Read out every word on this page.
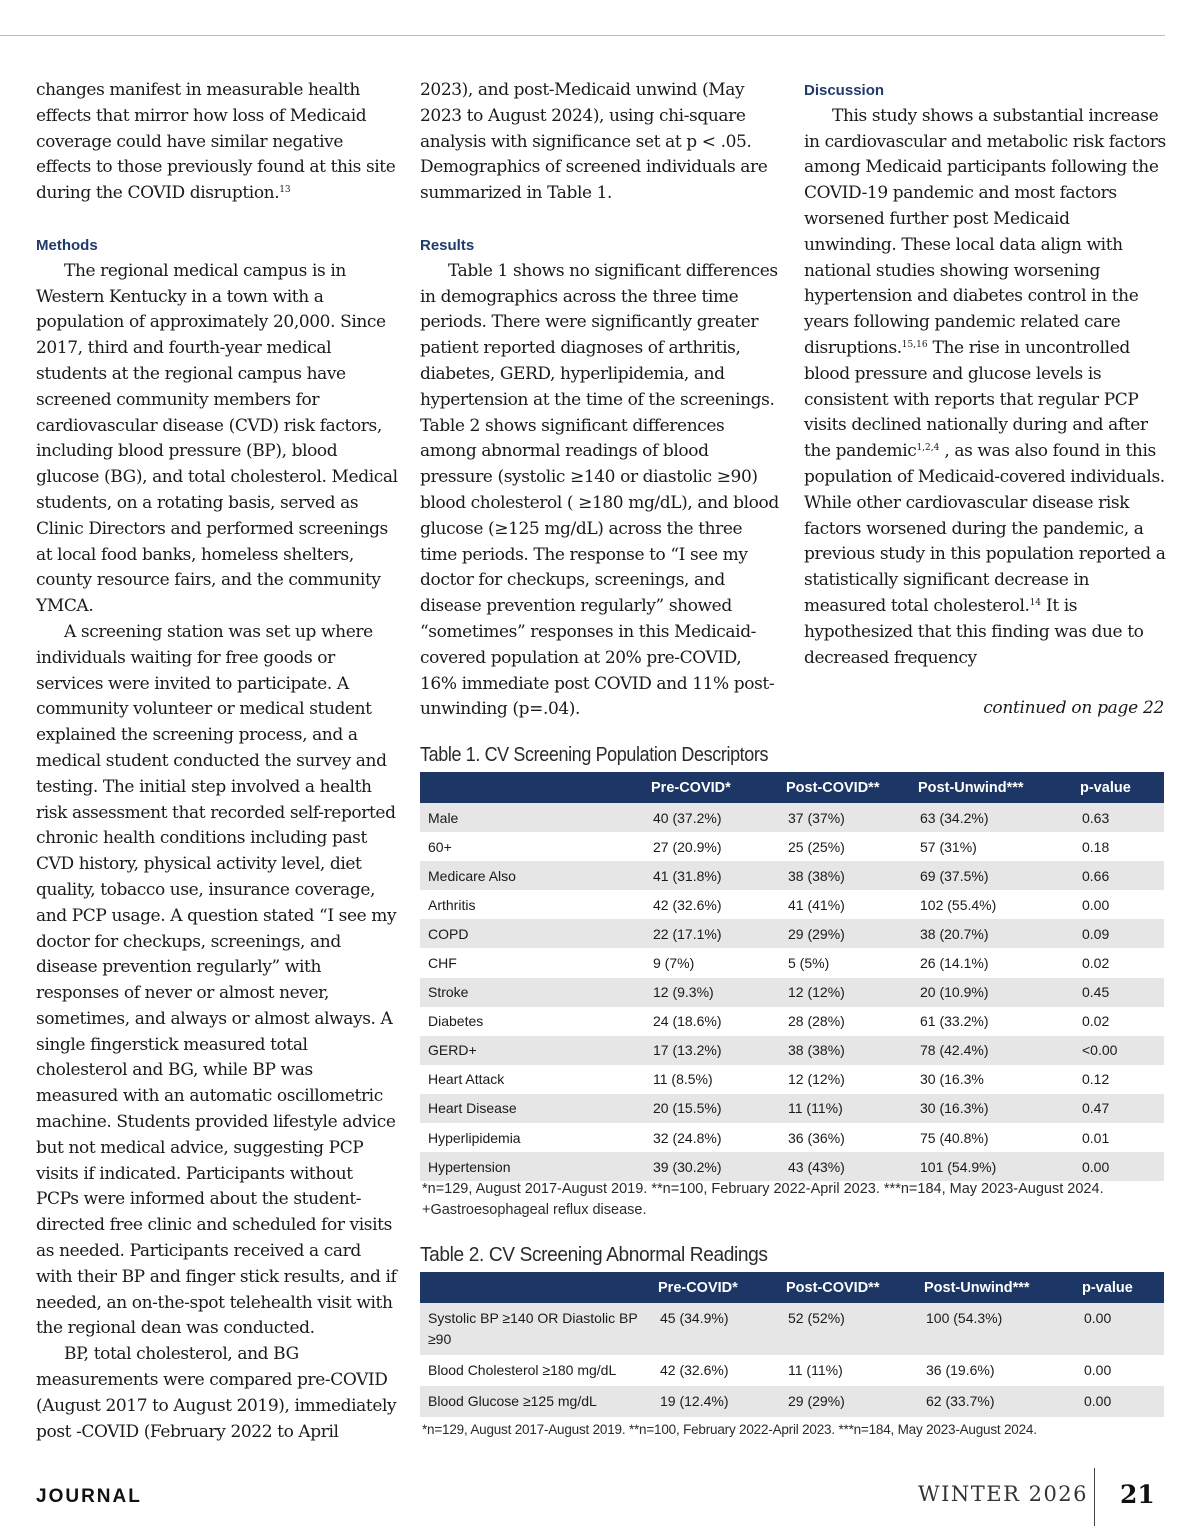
changes manifest in measurable health effects that mirror how loss of Medicaid coverage could have similar negative effects to those previously found at this site during the COVID disruption.$^{13}$

Methods

The regional medical campus is in Western Kentucky in a town with a population of approximately 20,000. Since 2017, third and fourth-year medical students at the regional campus have screened community members for cardiovascular disease (CVD) risk factors, including blood pressure (BP), blood glucose (BG), and total cholesterol. Medical students, on a rotating basis, served as Clinic Directors and performed screenings at local food banks, homeless shelters, county resource fairs, and the community YMCA.

A screening station was set up where individuals waiting for free goods or services were invited to participate. A community volunteer or medical student explained the screening process, and a medical student conducted the survey and testing. The initial step involved a health risk assessment that recorded self-reported chronic health conditions including past CVD history, physical activity level, diet quality, tobacco use, insurance coverage, and PCP usage. A question stated “I see my doctor for checkups, screenings, and disease prevention regularly” with responses of never or almost never, sometimes, and always or almost always. A single fingerstick measured total cholesterol and BG, while BP was measured with an automatic oscillometric machine. Students provided lifestyle advice but not medical advice, suggesting PCP visits if indicated. Participants without PCPs were informed about the student-directed free clinic and scheduled for visits as needed. Participants received a card with their BP and finger stick results, and if needed, an on-the-spot telehealth visit with the regional dean was conducted.

BP, total cholesterol, and BG measurements were compared pre-COVID (August 2017 to August 2019), immediately post -COVID (February 2022 to April

2023), and post-Medicaid unwind (May 2023 to August 2024), using chi-square analysis with significance set at p < .05. Demographics of screened individuals are summarized in Table 1.

Results

Table 1 shows no significant differences in demographics across the three time periods. There were significantly greater patient reported diagnoses of arthritis, diabetes, GERD, hyperlipidemia, and hypertension at the time of the screenings. Table 2 shows significant differences among abnormal readings of blood pressure (systolic ≥140 or diastolic ≥90) blood cholesterol ( ≥180 mg/dL), and blood glucose (≥125 mg/dL) across the three time periods. The response to “I see my doctor for checkups, screenings, and disease prevention regularly” showed “sometimes” responses in this Medicaid-covered population at 20% pre-COVID, 16% immediate post COVID and 11% post-unwinding (p=.04).

Discussion

This study shows a substantial increase in cardiovascular and metabolic risk factors among Medicaid participants following the COVID-19 pandemic and most factors worsened further post Medicaid unwinding. These local data align with national studies showing worsening hypertension and diabetes control in the years following pandemic related care disruptions.$^{15,16}$ The rise in uncontrolled blood pressure and glucose levels is consistent with reports that regular PCP visits declined nationally during and after the pandemic$^{1,2,4}$ , as was also found in this population of Medicaid-covered individuals. While other cardiovascular disease risk factors worsened during the pandemic, a previous study in this population reported a statistically significant decrease in measured total cholesterol.$^{14}$ It is hypothesized that this finding was due to decreased frequency

continued on page 22
Table 1. CV Screening Population Descriptors
	Pre-COVID*	Post-COVID**	Post-Unwind***	p-value
Male	40 (37.2%)	37 (37%)	63 (34.2%)	0.63
60+	27 (20.9%)	25 (25%)	57 (31%)	0.18
Medicare Also	41 (31.8%)	38 (38%)	69 (37.5%)	0.66
Arthritis	42 (32.6%)	41 (41%)	102 (55.4%)	0.00
COPD	22 (17.1%)	29 (29%)	38 (20.7%)	0.09
CHF	9 (7%)	5 (5%)	26 (14.1%)	0.02
Stroke	12 (9.3%)	12 (12%)	20 (10.9%)	0.45
Diabetes	24 (18.6%)	28 (28%)	61 (33.2%)	0.02
GERD+	17 (13.2%)	38 (38%)	78 (42.4%)	<0.00
Heart Attack	11 (8.5%)	12 (12%)	30 (16.3%	0.12
Heart Disease	20 (15.5%)	11 (11%)	30 (16.3%)	0.47
Hyperlipidemia	32 (24.8%)	36 (36%)	75 (40.8%)	0.01
Hypertension	39 (30.2%)	43 (43%)	101 (54.9%)	0.00
*n=129, August 2017-August 2019. **n=100, February 2022-April 2023. ***n=184, May 2023-August 2024.
+Gastroesophageal reflux disease.
Table 2. CV Screening Abnormal Readings
	Pre-COVID*	Post-COVID**	Post-Unwind***	p-value
Systolic BP ≥140 OR Diastolic BP ≥90	45 (34.9%)	52 (52%)	100 (54.3%)	0.00
Blood Cholesterol ≥180 mg/dL	42 (32.6%)	11 (11%)	36 (19.6%)	0.00
Blood Glucose ≥125 mg/dL	19 (12.4%)	29 (29%)	62 (33.7%)	0.00
*n=129, August 2017-August 2019. **n=100, February 2022-April 2023. ***n=184, May 2023-August 2024.
JOURNAL	WINTER 2026 21
